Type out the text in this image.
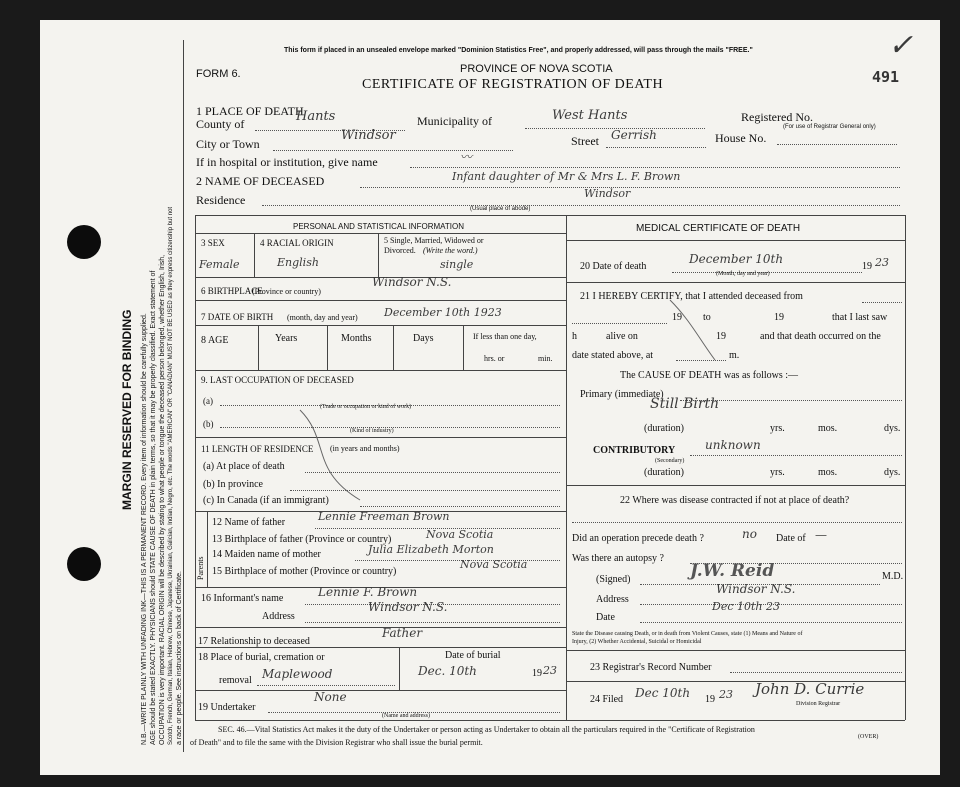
MARGIN RESERVED FOR BINDING N.B.—WRITE PLAINLY WITH UNFADING INK—THIS IS A PERMANENT RECORD. Every item of information should be carefully supplied. AGE should be stated EXACTLY. PHYSICIANS should STATE CAUSE OF DEATH in plain terms, so that it may be properly classified. Exact statement of OCCUPATION is very important. RACIAL ORIGIN will be described by stating to what people or tongue the deceased person belonged, whether English, Irish, Scotch, French, German, Italian, Hebrew, Chinese, Japanese, Ukrainian, Galician, Indian, Negro, etc. The words "AMERICAN" OR "CANADIAN" MUST NOT BE USED as they express citizenship but not a race or people. See instructions on back of Certificate.
This form if placed in an unsealed envelope marked "Dominion Statistics Free", and properly addressed, will pass through the mails "FREE."	✓
491
FORM 6.	PROVINCE OF NOVA SCOTIA
CERTIFICATE OF REGISTRATION OF DEATH
1 PLACE OF DEATH
County of	Hants	Municipality of	West Hants	Registered No.
(For use of Registrar General only)
City or Town
Windsor	Street Gerrish	House No.
If in hospital or institution, give name	〰
2 NAME OF DECEASED	Infant daughter of Mr & Mrs L. F. Brown
Residence	Windsor
(Usual place of abode)
PERSONAL AND STATISTICAL INFORMATION
3 SEX
Female
4 RACIAL ORIGIN
English
5 Single, Married, Widowed or
Divorced. (Write the word.)
single
6 BIRTHPLACE
(Province or country)
Windsor N.S.
7 DATE OF BIRTH (month, day and year) December 10th 1923
8 AGE	Years	Months	Days	If less than one day,
hrs. or	min.
9. LAST OCCUPATION OF DECEASED
(a)
(Trade or occupation or kind of work)
(b)
(Kind of industry)
11 LENGTH OF RESIDENCE (in years and months)
(a) At place of death
(b) In province
(c) In Canada (if an immigrant)
Parents
12 Name of father	Lennie Freeman Brown
13 Birthplace of father (Province or country)	Nova Scotia
14 Maiden name of mother	Julia Elizabeth Morton
15 Birthplace of mother (Province or country)
Nova Scotia
16 Informant's name	Lennie F. Brown
Address
Windsor N.S.
17 Relationship to deceased
Father
18 Place of burial, cremation or
removal Maplewood
Date of burial
Dec. 10th	19 23
19 Undertaker
None
(Name and address)
MEDICAL CERTIFICATE OF DEATH
20 Date of death
December 10th
19 23
(Month, day and year)
21 I HEREBY CERTIFY, that I attended deceased from
19 to	19	that I last saw
h	alive on	19	and that death occurred on the
date stated above, at	m.
The CAUSE OF DEATH was as follows :—
Primary (immediate)
Still Birth
(duration)	yrs.	mos.	dys.
CONTRIBUTORY
(Secondary)
unknown
(duration)	yrs.	mos.	dys.
22 Where was disease contracted if not at place of death?
Did an operation precede death ?	no Date of —
Was there an autopsy ?
(Signed)	J.W. Reid	M.D.
Address
Windsor N.S.
Date
Dec 10th 23
State the Disease causing Death, or in death from Violent Causes, state (1) Means and Nature of
Injury, (2) Whether Accidental, Suicidal or Homicidal
23 Registrar's Record Number
24 Filed Dec 10th 19 23 John D. Currie
Division Registrar
SEC. 46.—Vital Statistics Act makes it the duty of the Undertaker or person acting as Undertaker to obtain all the particulars required in the "Certificate of Registration
of Death" and to file the same with the Division Registrar who shall issue the burial permit.
(OVER)
